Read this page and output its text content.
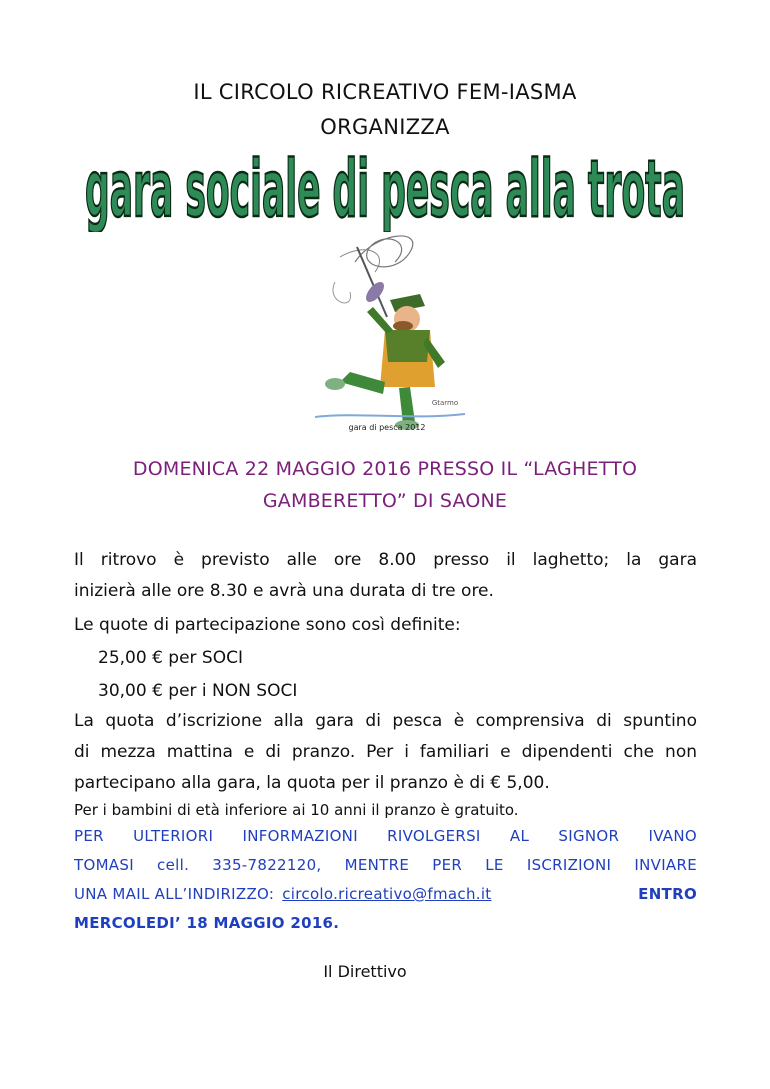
IL CIRCOLO RICREATIVO FEM-IASMA
ORGANIZZA
gara sociale di pesca alla trota
Gtarmo
gara di pesca 2012
DOMENICA 22 MAGGIO 2016 PRESSO IL “LAGHETTO
GAMBERETTO” DI SAONE
Il ritrovo è previsto alle ore 8.00 presso il laghetto; la gara
inizierà alle ore 8.30 e avrà una durata di tre ore.
Le quote di partecipazione sono così definite:
25,00 € per SOCI
30,00 € per i NON SOCI
La quota d’iscrizione alla gara di pesca è comprensiva di spuntino
di mezza mattina e di pranzo. Per i familiari e dipendenti che non
partecipano alla gara, la quota per il pranzo è di € 5,00.
Per i bambini di età inferiore ai 10 anni il pranzo è gratuito.
PER ULTERIORI INFORMAZIONI RIVOLGERSI AL SIGNOR IVANO
TOMASI cell. 335-7822120, MENTRE PER LE ISCRIZIONI INVIARE
UNA MAIL ALL’INDIRIZZO: circolo.ricreativo@fmach.it	ENTRO
MERCOLEDI’ 18 MAGGIO 2016.
Il Direttivo
